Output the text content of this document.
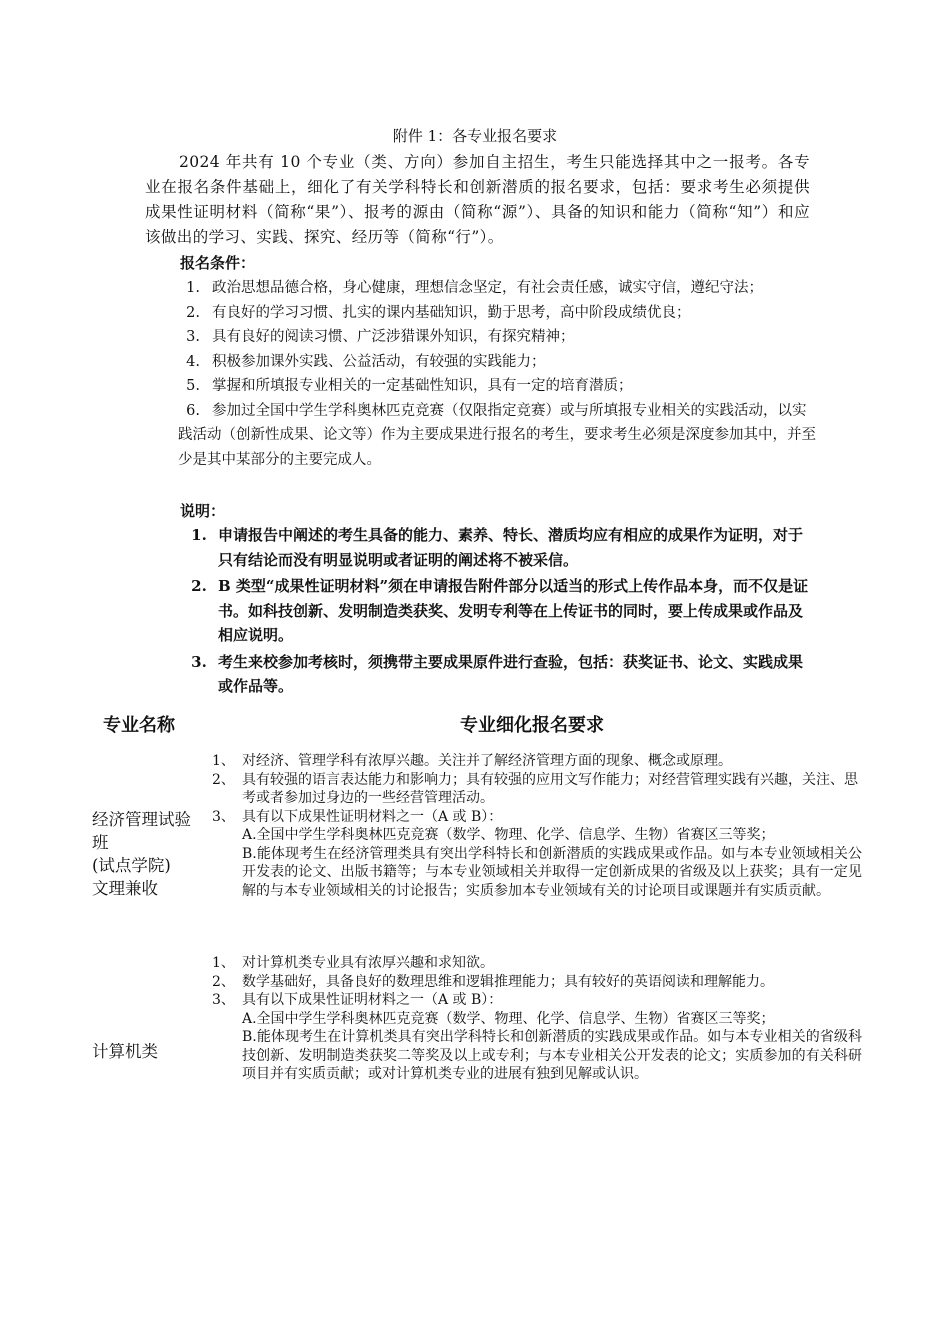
附件 1：各专业报名要求
2024 年共有 10 个专业（类、方向）参加自主招生，考生只能选择其中之一报考。各专业在报名条件基础上，细化了有关学科特长和创新潜质的报名要求，包括：要求考生必须提供成果性证明材料（简称“果”）、报考的源由（简称“源”）、具备的知识和能力（简称“知”）和应该做出的学习、实践、探究、经历等（简称“行”）。
报名条件：
1. 政治思想品德合格，身心健康，理想信念坚定，有社会责任感，诚实守信，遵纪守法；
2. 有良好的学习习惯、扎实的课内基础知识，勤于思考，高中阶段成绩优良；
3. 具有良好的阅读习惯、广泛涉猎课外知识，有探究精神；
4. 积极参加课外实践、公益活动，有较强的实践能力；
5. 掌握和所填报专业相关的一定基础性知识，具有一定的培育潜质；
6. 参加过全国中学生学科奥林匹克竞赛（仅限指定竞赛）或与所填报专业相关的实践活动，以实践活动（创新性成果、论文等）作为主要成果进行报名的考生，要求考生必须是深度参加其中，并至少是其中某部分的主要完成人。
说明：
1. 申请报告中阐述的考生具备的能力、素养、特长、潜质均应有相应的成果作为证明，对于只有结论而没有明显说明或者证明的阐述将不被采信。
2. B 类型“成果性证明材料”须在申请报告附件部分以适当的形式上传作品本身，而不仅是证书。如科技创新、发明制造类获奖、发明专利等在上传证书的同时，要上传成果或作品及相应说明。
3. 考生来校参加考核时，须携带主要成果原件进行查验，包括：获奖证书、论文、实践成果或作品等。
专业名称	专业细化报名要求
经济管理试验班
(试点学院)
文理兼收
1、 对经济、管理学科有浓厚兴趣。关注并了解经济管理方面的现象、概念或原理。
2、 具有较强的语言表达能力和影响力；具有较强的应用文写作能力；对经营管理实践有兴趣，关注、思考或者参加过身边的一些经营管理活动。
3、 具有以下成果性证明材料之一（A 或 B）：
A.全国中学生学科奥林匹克竞赛（数学、物理、化学、信息学、生物）省赛区三等奖；
B.能体现考生在经济管理类具有突出学科特长和创新潜质的实践成果或作品。如与本专业领域相关公开发表的论文、出版书籍等；与本专业领域相关并取得一定创新成果的省级及以上获奖；具有一定见解的与本专业领域相关的讨论报告；实质参加本专业领域有关的讨论项目或课题并有实质贡献。
计算机类
1、 对计算机类专业具有浓厚兴趣和求知欲。
2、 数学基础好，具备良好的数理思维和逻辑推理能力；具有较好的英语阅读和理解能力。
3、 具有以下成果性证明材料之一（A 或 B）：
A.全国中学生学科奥林匹克竞赛（数学、物理、化学、信息学、生物）省赛区三等奖；
B.能体现考生在计算机类具有突出学科特长和创新潜质的实践成果或作品。如与本专业相关的省级科技创新、发明制造类获奖二等奖及以上或专利；与本专业相关公开发表的论文；实质参加的有关科研项目并有实质贡献；或对计算机类专业的进展有独到见解或认识。
